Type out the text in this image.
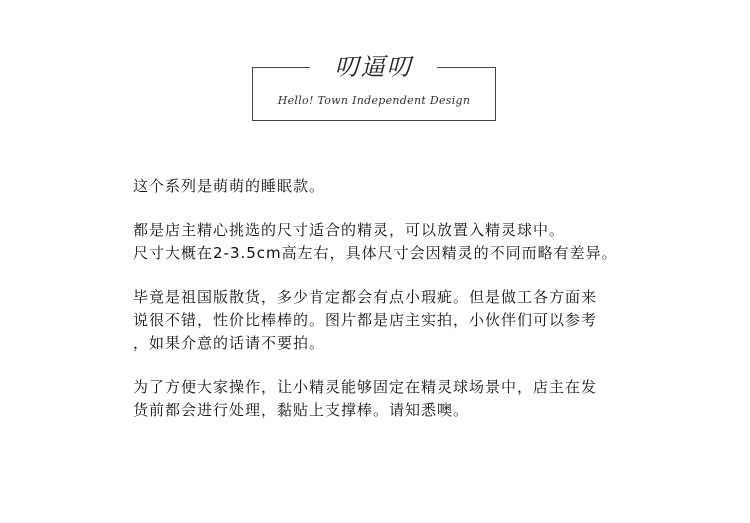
叨逼叨
Hello! Town Independent Design

这个系列是萌萌的睡眠款。

都是店主精心挑选的尺寸适合的精灵，可以放置入精灵球中。
尺寸大概在2-3.5cm高左右，具体尺寸会因精灵的不同而略有差异。

毕竟是祖国版散货，多少肯定都会有点小瑕疵。但是做工各方面来
说很不错，性价比棒棒的。图片都是店主实拍，小伙伴们可以参考
，如果介意的话请不要拍。

为了方便大家操作，让小精灵能够固定在精灵球场景中，店主在发
货前都会进行处理，黏贴上支撑棒。请知悉噢。
